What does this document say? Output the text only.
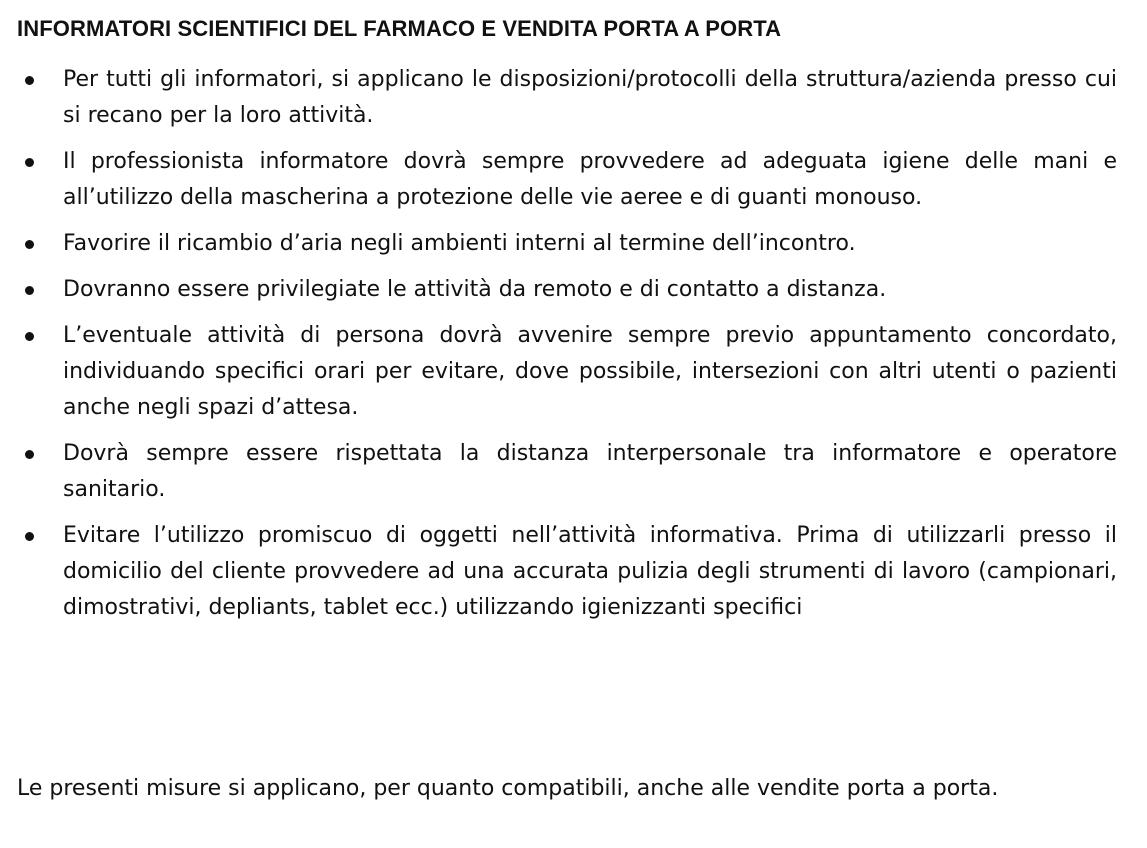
INFORMATORI SCIENTIFICI DEL FARMACO E VENDITA PORTA A PORTA
Per tutti gli informatori, si applicano le disposizioni/protocolli della struttura/azienda presso cui si recano per la loro attività.
Il professionista informatore dovrà sempre provvedere ad adeguata igiene delle mani e all’utilizzo della mascherina a protezione delle vie aeree e di guanti monouso.
Favorire il ricambio d’aria negli ambienti interni al termine dell’incontro.
Dovranno essere privilegiate le attività da remoto e di contatto a distanza.
L’eventuale attività di persona dovrà avvenire sempre previo appuntamento concordato, individuando specifici orari per evitare, dove possibile, intersezioni con altri utenti o pazienti anche negli spazi d’attesa.
Dovrà sempre essere rispettata la distanza interpersonale tra informatore e operatore sanitario.
Evitare l’utilizzo promiscuo di oggetti nell’attività informativa. Prima di utilizzarli presso il domicilio del cliente provvedere ad una accurata pulizia degli strumenti di lavoro (campionari, dimostrativi, depliants, tablet ecc.) utilizzando igienizzanti specifici

Le presenti misure si applicano, per quanto compatibili, anche alle vendite porta a porta.
